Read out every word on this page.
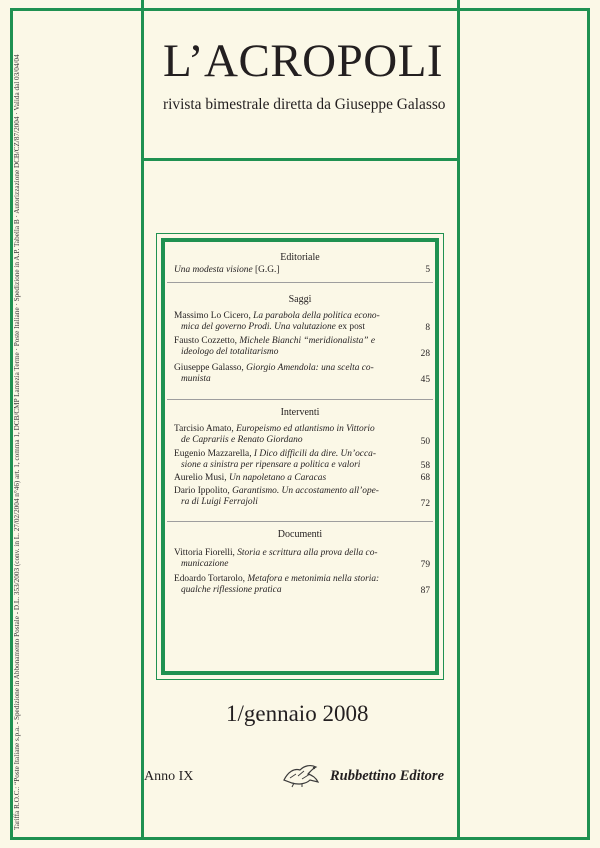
Tariffa R.O.C.: “Poste Italiane s.p.a. - Spedizione in Abbonamento Postale - D.L. 353/2003 (conv. in L. 27/02/2004 n°46) art. 1, comma 1, DCB/CMP Lamezia Terme · Poste Italiane · Spedizione in A.P. Tabella B · Autorizzazione DCB/CZ/87/2004 · Valida dal 03/04/04	L’ACROPOLI
rivista bimestrale diretta da Giuseppe Galasso
Editoriale
Una modesta visione [G.G.]	5
Saggi
Massimo Lo Cicero, La parabola della politica econo-
mica del governo Prodi. Una valutazione ex post	8
Fausto Cozzetto, Michele Bianchi “meridionalista” e
ideologo del totalitarismo	28
Giuseppe Galasso, Giorgio Amendola: una scelta co-
munista	45
Interventi
Tarcisio Amato, Europeismo ed atlantismo in Vittorio
de Caprariis e Renato Giordano	50
Eugenio Mazzarella, I Dico difficili da dire. Un’occa-
sione a sinistra per ripensare a politica e valori	58
Aurelio Musi, Un napoletano a Caracas	68
Dario Ippolito, Garantismo. Un accostamento all’ope-
ra di Luigi Ferrajoli	72
Documenti
Vittoria Fiorelli, Storia e scrittura alla prova della co-
municazione	79
Edoardo Tortarolo, Metafora e metonimia nella storia:
qualche riflessione pratica	87
1/gennaio 2008
Anno IX	Rubbettino Editore
